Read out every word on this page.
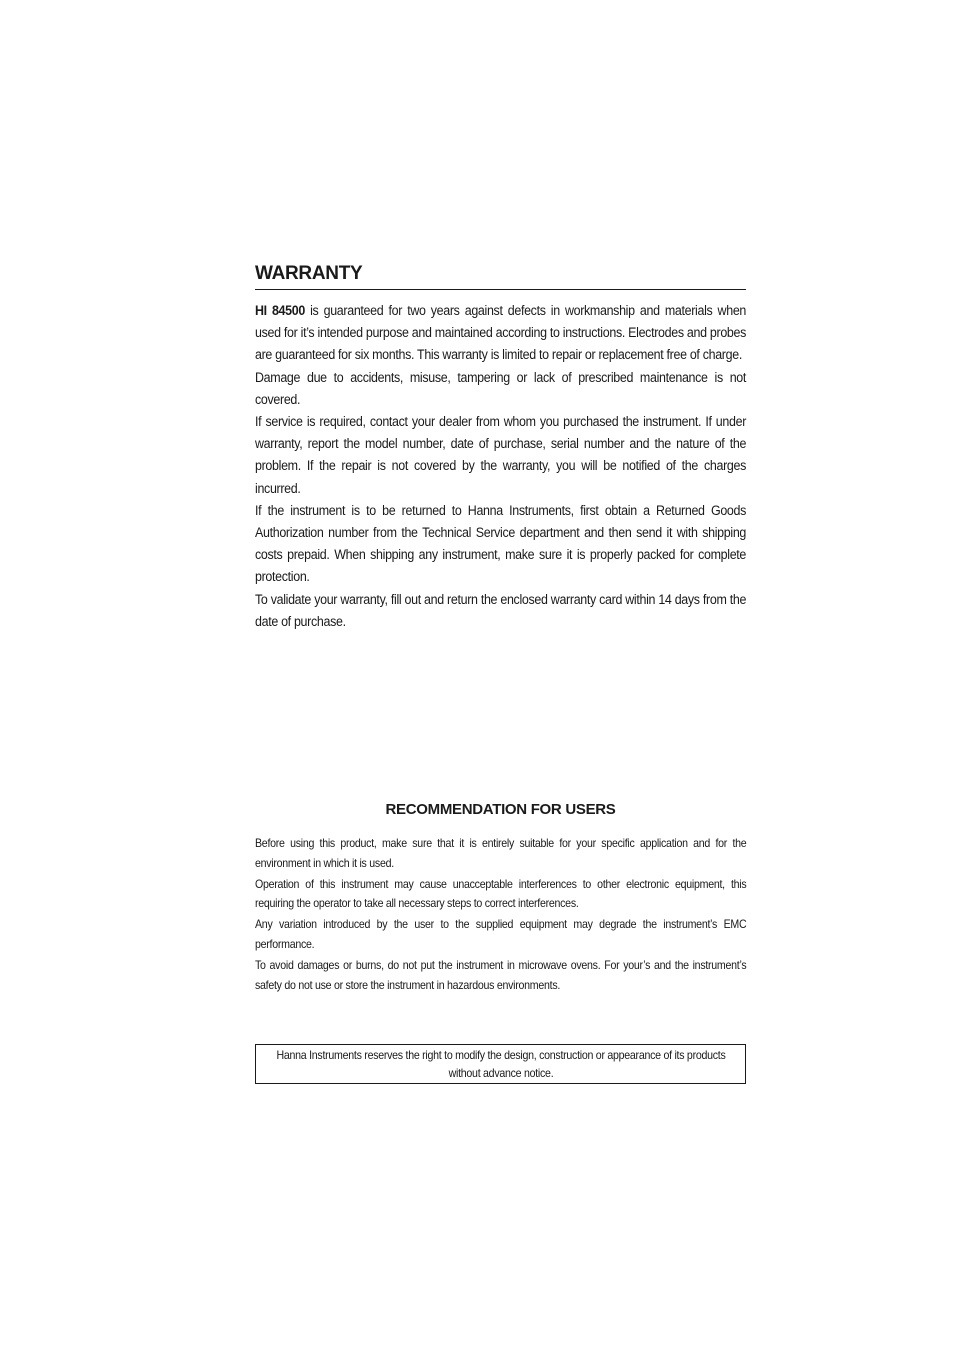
WARRANTY

HI 84500 is guaranteed for two years against defects in workmanship and materials when used for it’s intended purpose and maintained according to instructions. Electrodes and probes are guaranteed for six months. This warranty is limited to repair or replacement free of charge.

Damage due to accidents, misuse, tampering or lack of prescribed maintenance is not covered.

If service is required, contact your dealer from whom you purchased the instrument. If under warranty, report the model number, date of purchase, serial number and the nature of the problem. If the repair is not covered by the warranty, you will be notified of the charges incurred.

If the instrument is to be returned to Hanna Instruments, first obtain a Returned Goods Authorization number from the Technical Service department and then send it with shipping costs prepaid. When shipping any instrument, make sure it is properly packed for complete protection.

To validate your warranty, fill out and return the enclosed warranty card within 14 days from the date of purchase.

RECOMMENDATION FOR USERS

Before using this product, make sure that it is entirely suitable for your specific application and for the environment in which it is used.

Operation of this instrument may cause unacceptable interferences to other electronic equipment, this requiring the operator to take all necessary steps to correct interferences.

Any variation introduced by the user to the supplied equipment may degrade the instrument’s EMC performance.

To avoid damages or burns, do not put the instrument in microwave ovens. For your’s and the instrument’s safety do not use or store the instrument in hazardous environments.

Hanna Instruments reserves the right to modify the design, construction or appearance of its products without advance notice.
